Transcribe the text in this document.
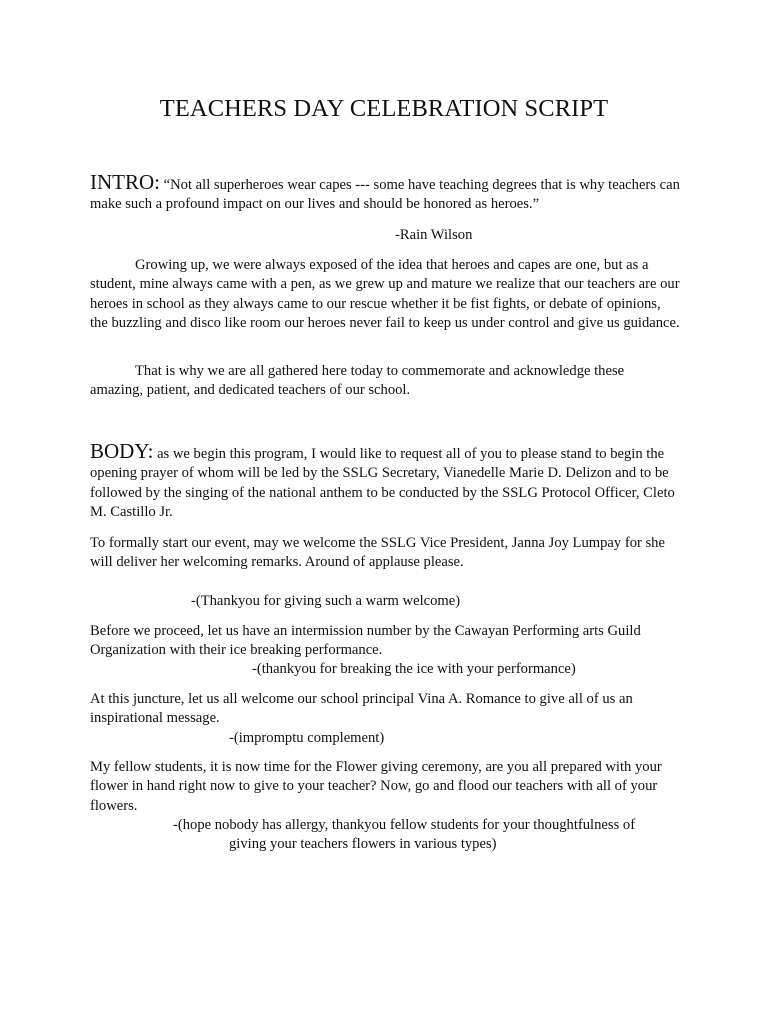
TEACHERS DAY CELEBRATION SCRIPT

INTRO: “Not all superheroes wear capes --- some have teaching degrees that is why teachers can make such a profound impact on our lives and should be honored as heroes.”

-Rain Wilson

Growing up, we were always exposed of the idea that heroes and capes are one, but as a student, mine always came with a pen, as we grew up and mature we realize that our teachers are our heroes in school as they always came to our rescue whether it be fist fights, or debate of opinions, the buzzling and disco like room our heroes never fail to keep us under control and give us guidance.

That is why we are all gathered here today to commemorate and acknowledge these amazing, patient, and dedicated teachers of our school.

BODY: as we begin this program, I would like to request all of you to please stand to begin the opening prayer of whom will be led by the SSLG Secretary, Vianedelle Marie D. Delizon and to be followed by the singing of the national anthem to be conducted by the SSLG Protocol Officer, Cleto M. Castillo Jr.

To formally start our event, may we welcome the SSLG Vice President, Janna Joy Lumpay for she will deliver her welcoming remarks. Around of applause please.

-(Thankyou for giving such a warm welcome)

Before we proceed, let us have an intermission number by the Cawayan Performing arts Guild Organization with their ice breaking performance.

-(thankyou for breaking the ice with your performance)

At this juncture, let us all welcome our school principal Vina A. Romance to give all of us an inspirational message.

-(impromptu complement)

My fellow students, it is now time for the Flower giving ceremony, are you all prepared with your flower in hand right now to give to your teacher? Now, go and flood our teachers with all of your flowers.

-(hope nobody has allergy, thankyou fellow students for your thoughtfulness of
giving your teachers flowers in various types)
